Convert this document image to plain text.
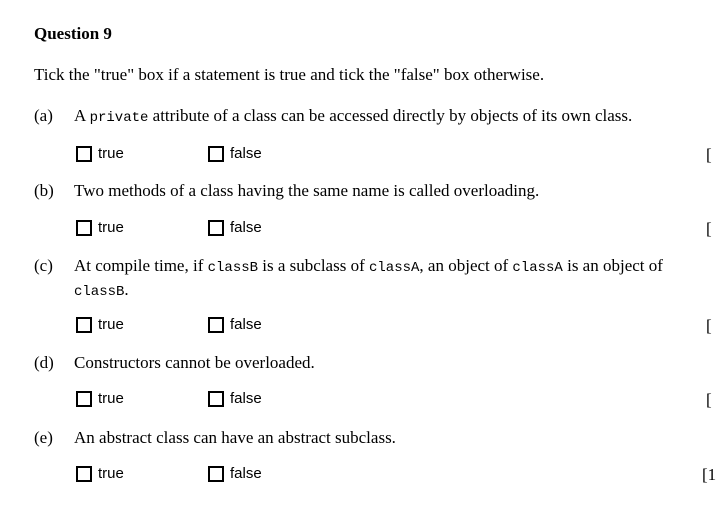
Question 9
Tick the "true" box if a statement is true and tick the "false" box otherwise.
(a) A private attribute of a class can be accessed directly by objects of its own class.
true	false	[
(b) Two methods of a class having the same name is called overloading.
true	false	[
(c) At compile time, if classB is a subclass of classA, an object of classA is an object of
classB.
true	false	[
(d) Constructors cannot be overloaded.
true	false	[
(e) An abstract class can have an abstract subclass.
true	false	[1
